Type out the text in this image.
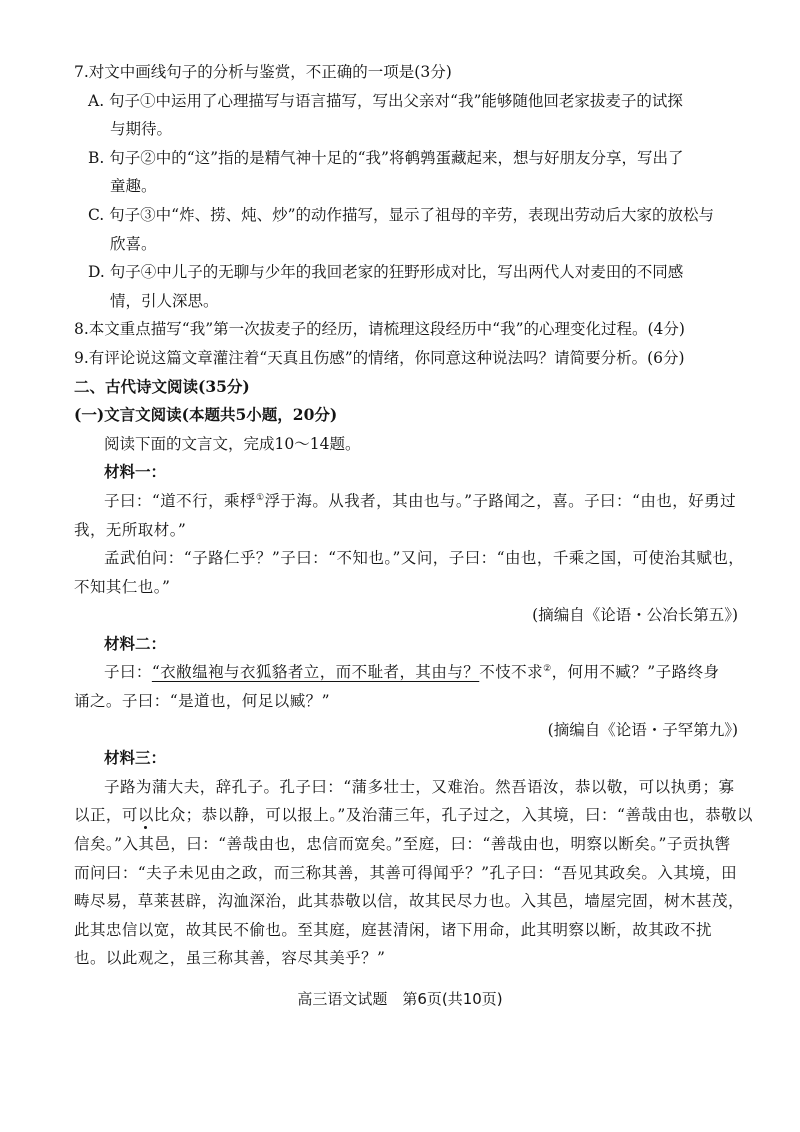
7.对文中画线句子的分析与鉴赏，不正确的一项是(3分)
A. 句子①中运用了心理描写与语言描写，写出父亲对“我”能够随他回老家拔麦子的试探
与期待。
B. 句子②中的“这”指的是精气神十足的“我”将鹌鹑蛋藏起来，想与好朋友分享，写出了
童趣。
C. 句子③中“炸、捞、炖、炒”的动作描写，显示了祖母的辛劳，表现出劳动后大家的放松与
欣喜。
D. 句子④中儿子的无聊与少年的我回老家的狂野形成对比，写出两代人对麦田的不同感
情，引人深思。
8.本文重点描写“我”第一次拔麦子的经历，请梳理这段经历中“我”的心理变化过程。(4分)
9.有评论说这篇文章灌注着“天真且伤感”的情绪，你同意这种说法吗？请简要分析。(6分)
二、古代诗文阅读(35分)
(一)文言文阅读(本题共5小题，20分)
阅读下面的文言文，完成10～14题。
材料一：
子曰：“道不行，乘桴①浮于海。从我者，其由也与。”子路闻之，喜。子曰：“由也，好勇过
我，无所取材。”
孟武伯问：“子路仁乎？”子曰：“不知也。”又问，子曰：“由也，千乘之国，可使治其赋也，
不知其仁也。”
(摘编自《论语・公冶长第五》)
材料二：
子曰：“衣敝缊袍与衣狐貉者立，而不耻者，其由与？不忮不求②，何用不臧？”子路终身
诵之。子曰：“是道也，何足以臧？”
(摘编自《论语・子罕第九》)
材料三：
子路为蒲大夫，辞孔子。孔子曰：“蒲多壮士，又难治。然吾语汝，恭以敬，可以执勇；寡
以正，可以比众；恭以静，可以报上。”及治蒲三年，孔子过之，入其境，曰：“善哉由也，恭敬以
信矣。”入其邑，曰：“善哉由也，忠信而宽矣。”至庭，曰：“善哉由也，明察以断矣。”子贡执辔
而问曰：“夫子未见由之政，而三称其善，其善可得闻乎？”孔子曰：“吾见其政矣。入其境，田
畴尽易，草莱甚辟，沟洫深治，此其恭敬以信，故其民尽力也。入其邑，墙屋完固，树木甚茂，
此其忠信以宽，故其民不偷也。至其庭，庭甚清闲，诸下用命，此其明察以断，故其政不扰
也。以此观之，虽三称其善，容尽其美乎？”
高三语文试题　第6页(共10页)
